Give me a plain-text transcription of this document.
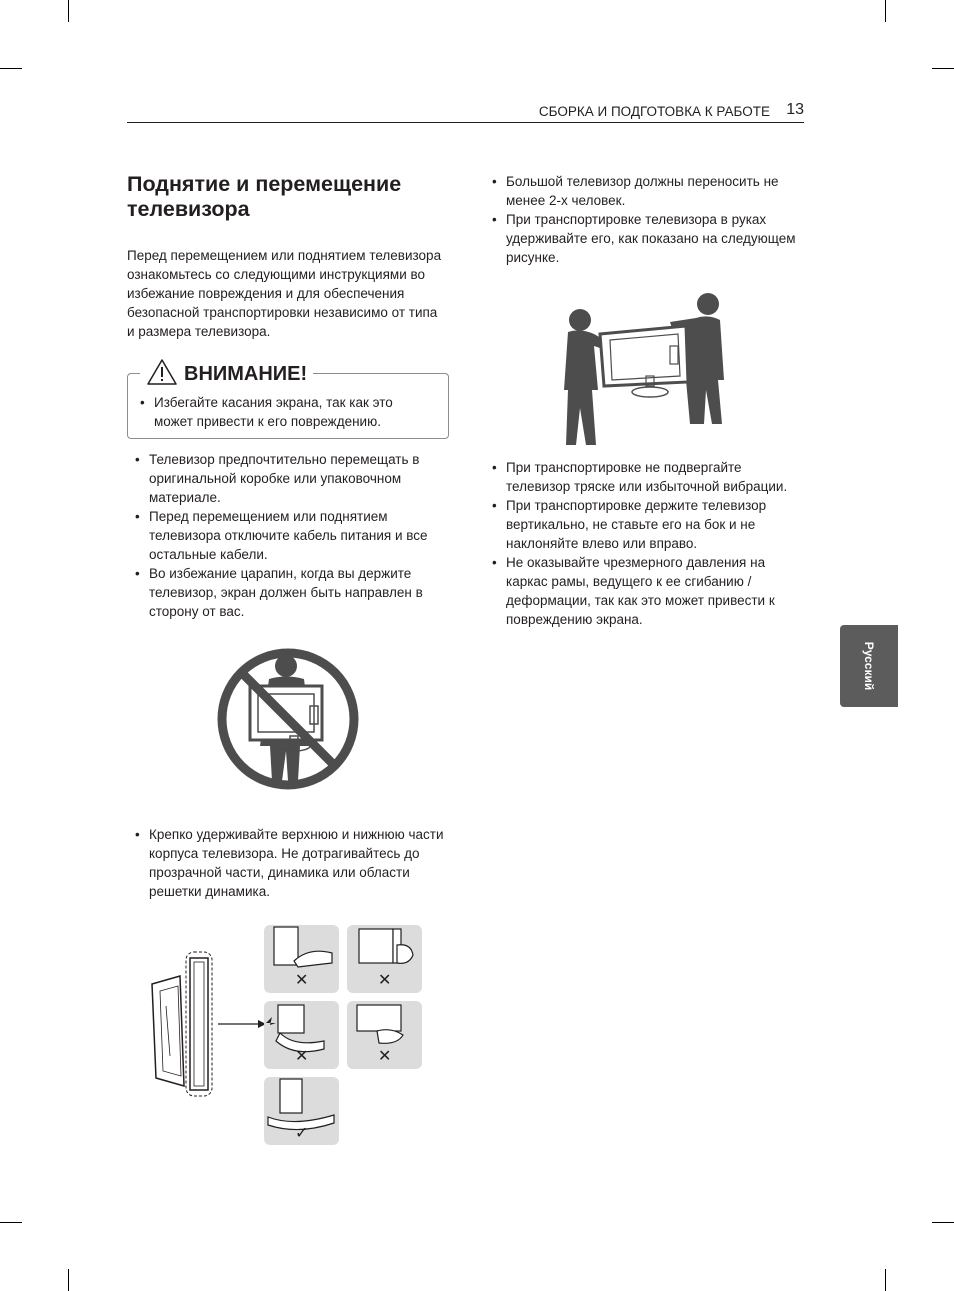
СБОРКА И ПОДГОТОВКА К РАБОТЕ 13
Поднятие и перемещение телевизора

Перед перемещением или поднятием телевизора ознакомьтесь со следующими инструкциями во избежание повреждения и для обеспечения безопасной транспортировки независимо от типа и размера телевизора.

ВНИМАНИЕ!
• Избегайте касания экрана, так как это может привести к его повреждению.
• Телевизор предпочтительно перемещать в оригинальной коробке или упаковочном материале.
• Перед перемещением или поднятием телевизора отключите кабель питания и все остальные кабели.
• Во избежание царапин, когда вы держите телевизор, экран должен быть направлен в сторону от вас.
• Крепко удерживайте верхнюю и нижнюю части корпуса телевизора. Не дотрагивайтесь до прозрачной части, динамика или области решетки динамика.
✕	✕
✕	✕
✓
• Большой телевизор должны переносить не менее 2-х человек.
• При транспортировке телевизора в руках удерживайте его, как показано на следующем рисунке.
• При транспортировке не подвергайте телевизор тряске или избыточной вибрации.
• При транспортировке держите телевизор вертикально, не ставьте его на бок и не наклоняйте влево или вправо.
• Не оказывайте чрезмерного давления на каркас рамы, ведущего к ее сгибанию / деформации, так как это может привести к повреждению экрана.
Русский
